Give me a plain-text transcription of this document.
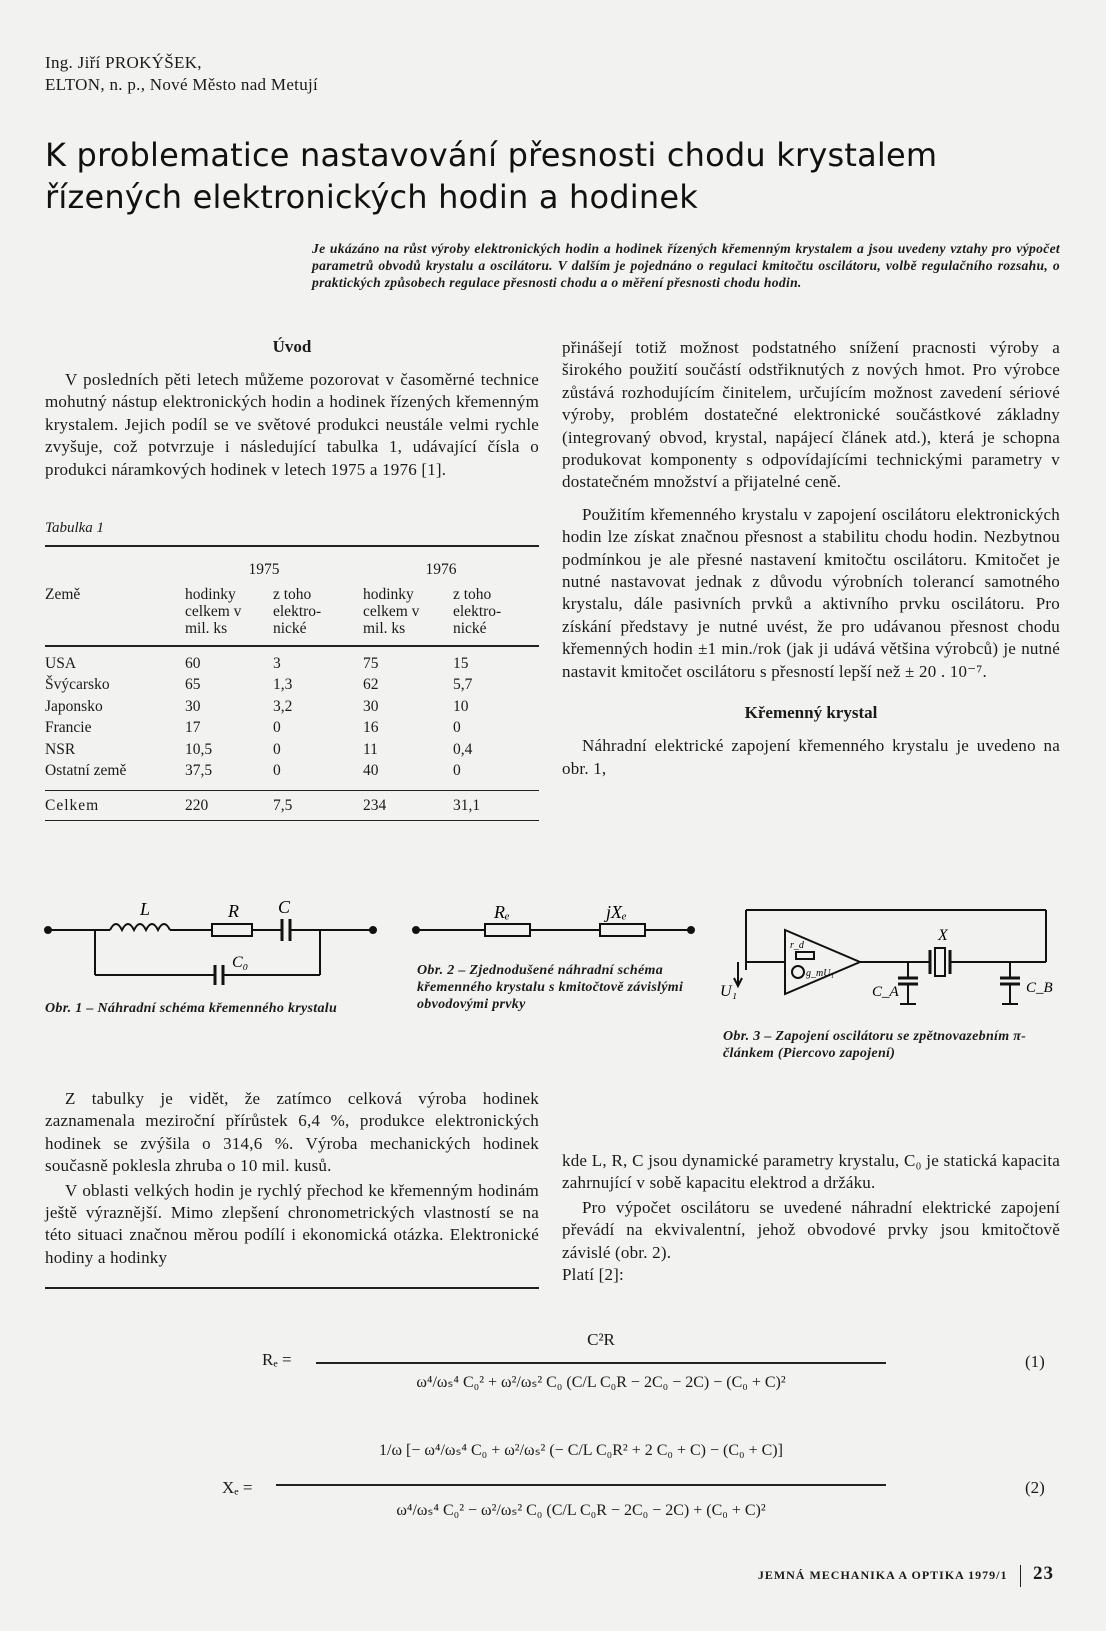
Ing. Jiří PROKÝŠEK,
ELTON, n. p., Nové Město nad Metují
K problematice nastavování přesnosti chodu krystalem řízených elektronických hodin a hodinek
Je ukázáno na růst výroby elektronických hodin a hodinek řízených křemenným krystalem a jsou uvedeny vztahy pro výpočet parametrů obvodů krystalu a oscilátoru. V dalším je pojednáno o regulaci kmitočtu oscilátoru, volbě regulačního rozsahu, o praktických způsobech regulace přesnosti chodu a o měření přesnosti chodu hodin.
Úvod

V posledních pěti letech můžeme pozorovat v časoměrné technice mohutný nástup elektronických hodin a hodinek řízených křemenným krystalem. Jejich podíl se ve světové produkci neustále velmi rychle zvyšuje, což potvrzuje i následující tabulka 1, udávající čísla o produkci náramkových hodinek v letech 1975 a 1976 [1].

Tabulka 1
	1975		1976	
Země	hodinky celkem v mil. ks	z toho elektro-nické	hodinky celkem v mil. ks	z toho elektro-nické
USA	60	3	75	15
Švýcarsko	65	1,3	62	5,7
Japonsko	30	3,2	30	10
Francie	17	0	16	0
NSR	10,5	0	11	0,4
Ostatní země	37,5	0	40	0
Celkem	220	7,5	234	31,1

přinášejí totiž možnost podstatného snížení pracnosti výroby a širokého použití součástí odstřiknutých z nových hmot. Pro výrobce zůstává rozhodujícím činitelem, určujícím možnost zavedení sériové výroby, problém dostatečné elektronické součástkové základny (integrovaný obvod, krystal, napájecí článek atd.), která je schopna produkovat komponenty s odpovídajícími technickými parametry v dostatečném množství a přijatelné ceně.

Použitím křemenného krystalu v zapojení oscilátoru elektronických hodin lze získat značnou přesnost a stabilitu chodu hodin. Nezbytnou podmínkou je ale přesné nastavení kmitočtu oscilátoru. Kmitočet je nutné nastavovat jednak z důvodu výrobních tolerancí samotného krystalu, dále pasivních prvků a aktivního prvku oscilátoru. Pro získání představy je nutné uvést, že pro udávanou přesnost chodu křemenných hodin ±1 min./rok (jak ji udává většina výrobců) je nutné nastavit kmitočet oscilátoru s přesností lepší než ± 20 . 10⁻⁷.

Křemenný krystal

Náhradní elektrické zapojení křemenného krystalu je uvedeno na obr. 1,

L	R C
C₀
Obr. 1 – Náhradní schéma křemenného krystalu
Rₑ	jXₑ
Obr. 2 – Zjednodušené náhradní schéma křemenného krystalu s kmitočtově závislými obvodovými prvky
X
U₁	C_A	C_B
r_d
g_mU₁
Obr. 3 – Zapojení oscilátoru se zpětnovazebním π-článkem (Piercovo zapojení)

Z tabulky je vidět, že zatímco celková výroba hodinek zaznamenala meziroční přírůstek 6,4 %, produkce elektronických hodinek se zvýšila o 314,6 %. Výroba mechanických hodinek současně poklesla zhruba o 10 mil. kusů.

V oblasti velkých hodin je rychlý přechod ke křemenným hodinám ještě výraznější. Mimo zlepšení chronometrických vlastností se na této situaci značnou měrou podílí i ekonomická otázka. Elektronické hodiny a hodinky

kde L, R, C jsou dynamické parametry krystalu, C₀ je statická kapacita zahrnující v sobě kapacitu elektrod a držáku.

Pro výpočet oscilátoru se uvedené náhradní elektrické zapojení převádí na ekvivalentní, jehož obvodové prvky jsou kmitočtově závislé (obr. 2).

Platí [2]:

Rₑ =
C²R
ω⁴/ωₛ⁴ C₀² + ω²/ωₛ² C₀ (C/L C₀R − 2C₀ − 2C) − (C₀ + C)²
(1)
Xₑ =
1/ω [− ω⁴/ωₛ⁴ C₀ + ω²/ωₛ² (− C/L C₀R² + 2 C₀ + C) − (C₀ + C)]
ω⁴/ωₛ⁴ C₀² − ω²/ωₛ² C₀ (C/L C₀R − 2C₀ − 2C) + (C₀ + C)²
(2)
JEMNÁ MECHANIKA A OPTIKA 1979/1 23
